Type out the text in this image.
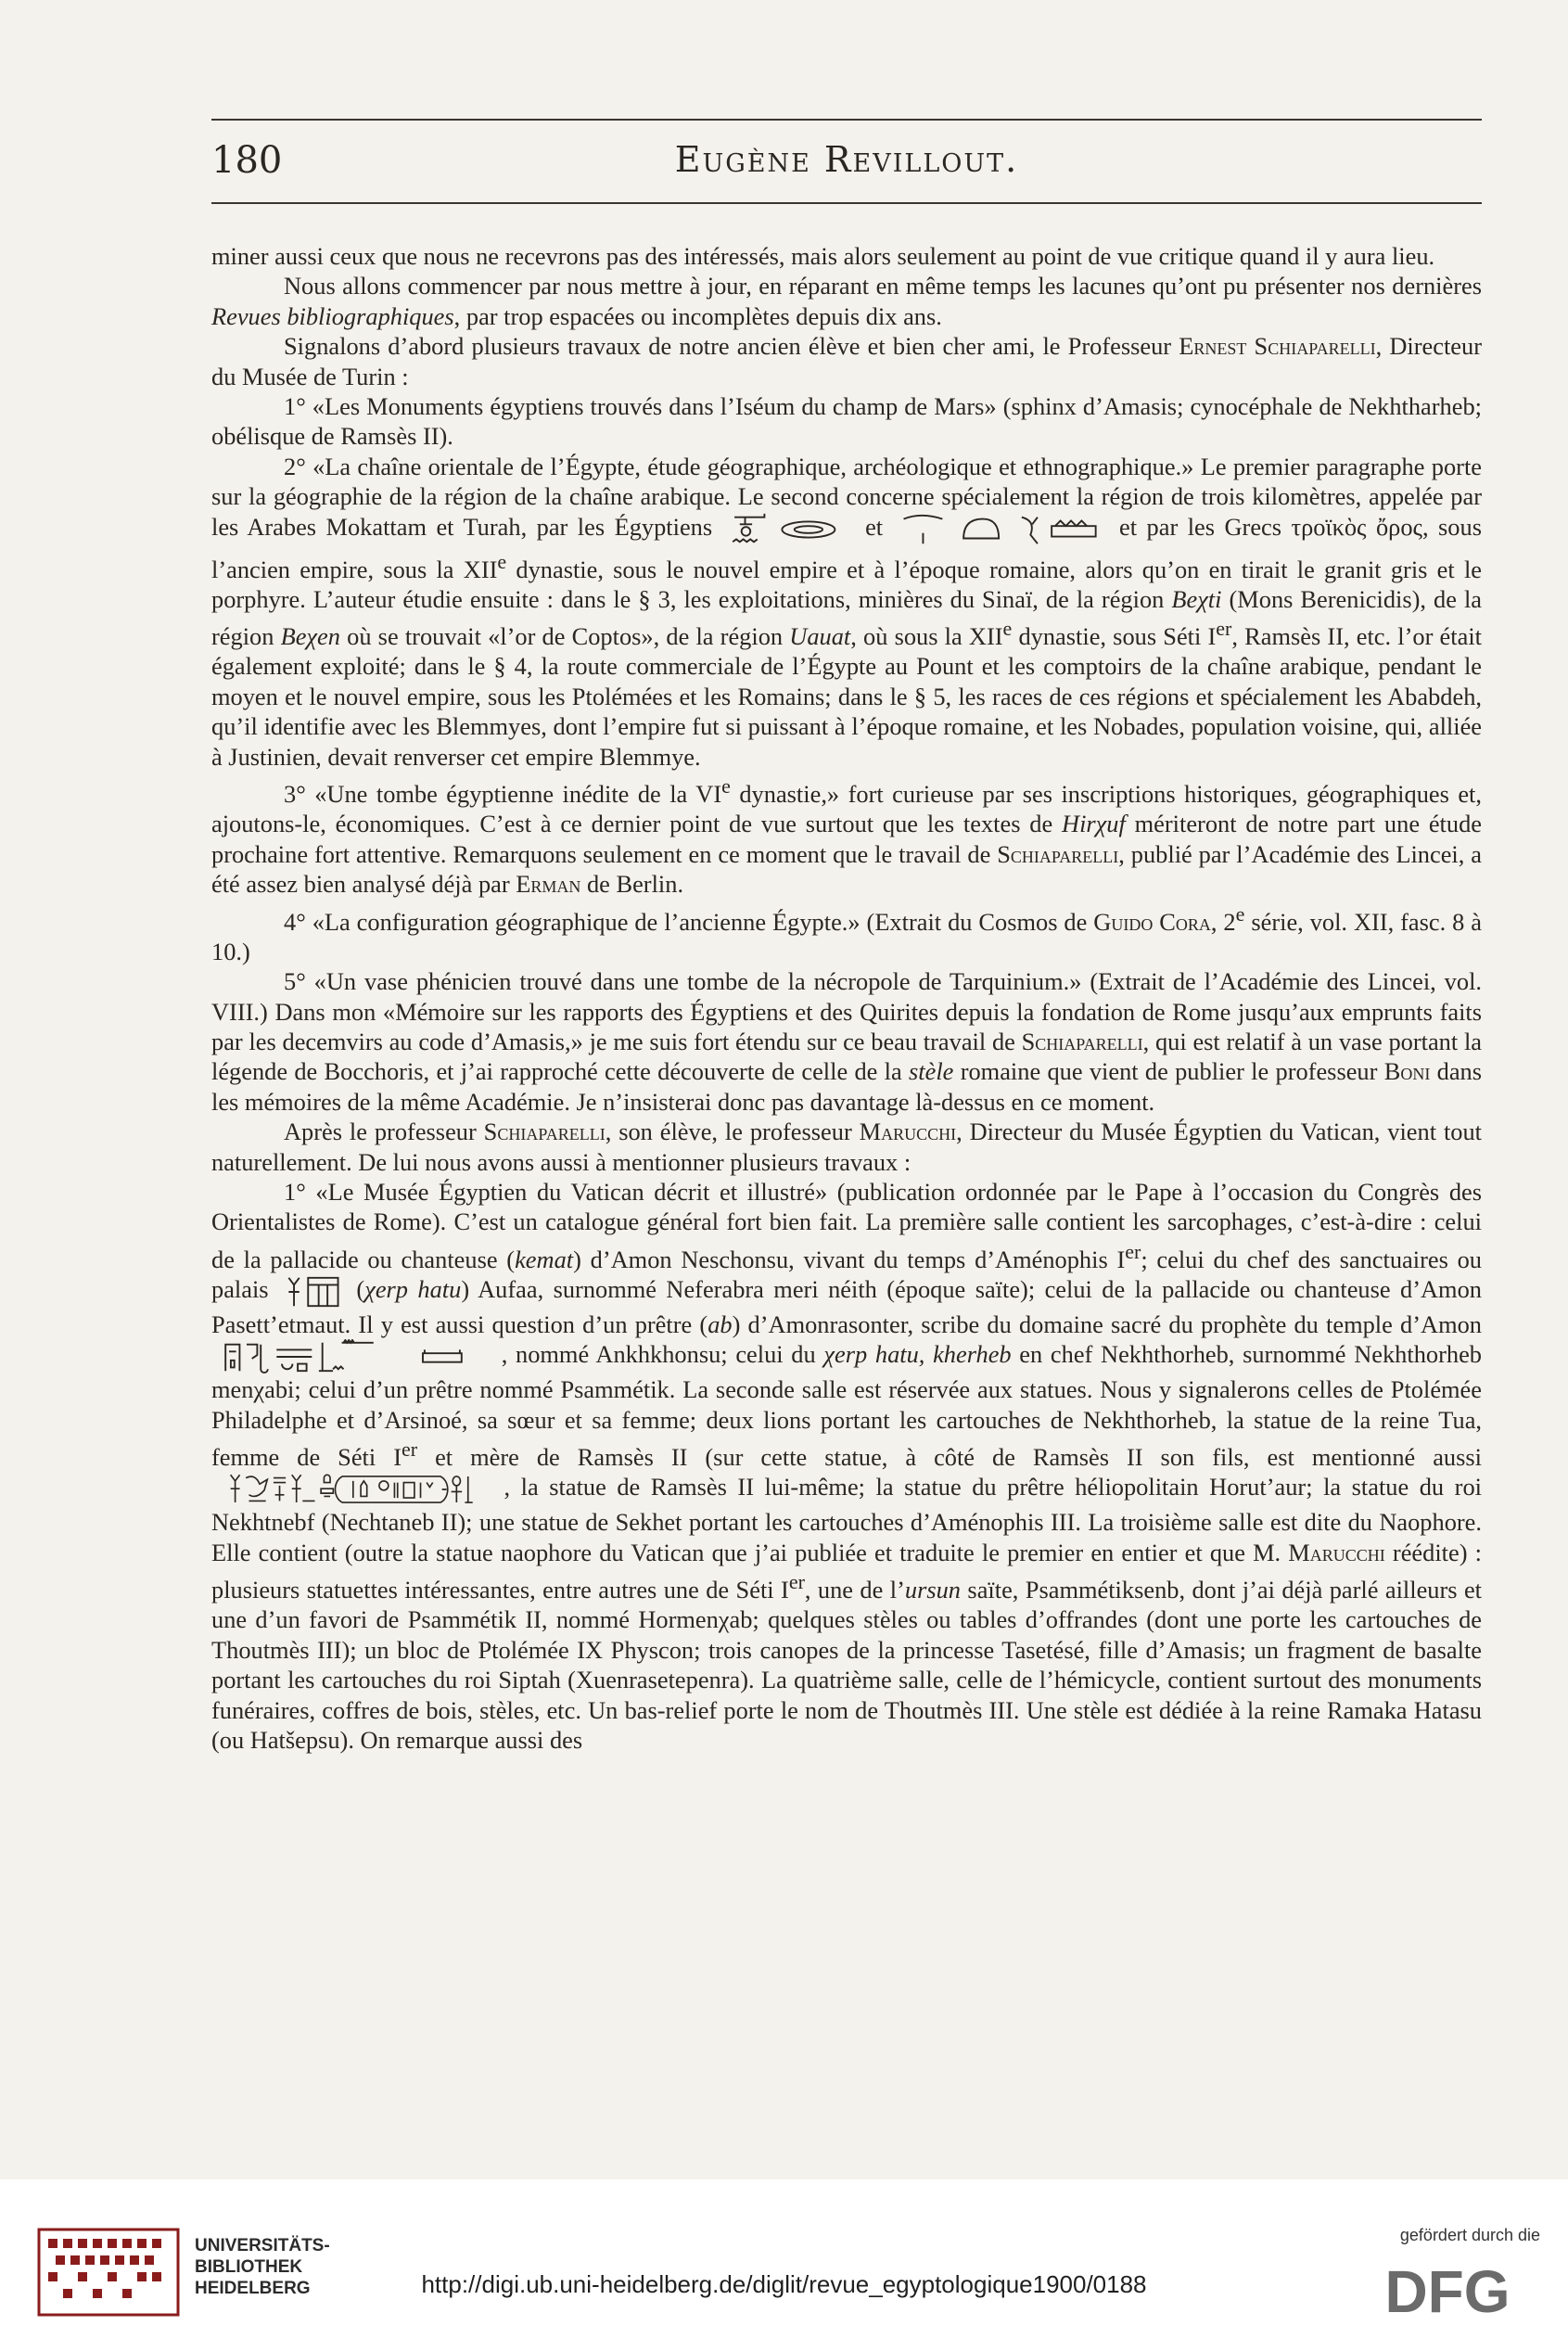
180	Eugène Revillout.

miner aussi ceux que nous ne recevrons pas des intéressés, mais alors seulement au point de vue critique quand il y aura lieu.

Nous allons commencer par nous mettre à jour, en réparant en même temps les lacunes qu’ont pu présenter nos dernières Revues bibliographiques, par trop espacées ou incomplètes depuis dix ans.

Signalons d’abord plusieurs travaux de notre ancien élève et bien cher ami, le Professeur Ernest Schiaparelli, Directeur du Musée de Turin :

1° «Les Monuments égyptiens trouvés dans l’Iséum du champ de Mars» (sphinx d’Amasis; cynocéphale de Nekhtharheb; obélisque de Ramsès II).

2° «La chaîne orientale de l’Égypte, étude géographique, archéologique et ethnographique.» Le premier paragraphe porte sur la géographie de la région de la chaîne arabique. Le second concerne spécialement la région de trois kilomètres, appelée par les Arabes Mokattam et Turah, par les Égyptiens	et	et par les Grecs τροϊκὸς ὄρος, sous l’ancien empire, sous la XIIe dynastie, sous le nouvel empire et à l’époque romaine, alors qu’on en tirait le granit gris et le porphyre. L’auteur étudie ensuite : dans le § 3, les exploitations, minières du Sinaï, de la région Beχti (Mons Berenicidis), de la région Beχen où se trouvait «l’or de Coptos», de la région Uauat, où sous la XIIe dynastie, sous Séti Ier, Ramsès II, etc. l’or était également exploité; dans le § 4, la route commerciale de l’Égypte au Pount et les comptoirs de la chaîne arabique, pendant le moyen et le nouvel empire, sous les Ptolémées et les Romains; dans le § 5, les races de ces régions et spécialement les Ababdeh, qu’il identifie avec les Blemmyes, dont l’empire fut si puissant à l’époque romaine, et les Nobades, population voisine, qui, alliée à Justinien, devait renverser cet empire Blemmye.

3° «Une tombe égyptienne inédite de la VIe dynastie,» fort curieuse par ses inscriptions historiques, géographiques et, ajoutons-le, économiques. C’est à ce dernier point de vue surtout que les textes de Hirχuf mériteront de notre part une étude prochaine fort attentive. Remarquons seulement en ce moment que le travail de Schiaparelli, publié par l’Académie des Lincei, a été assez bien analysé déjà par Erman de Berlin.

4° «La configuration géographique de l’ancienne Égypte.» (Extrait du Cosmos de Guido Cora, 2e série, vol. XII, fasc. 8 à 10.)

5° «Un vase phénicien trouvé dans une tombe de la nécropole de Tarquinium.» (Extrait de l’Académie des Lincei, vol. VIII.) Dans mon «Mémoire sur les rapports des Égyptiens et des Quirites depuis la fondation de Rome jusqu’aux emprunts faits par les decemvirs au code d’Amasis,» je me suis fort étendu sur ce beau travail de Schiaparelli, qui est relatif à un vase portant la légende de Bocchoris, et j’ai rapproché cette découverte de celle de la stèle romaine que vient de publier le professeur Boni dans les mémoires de la même Académie. Je n’insisterai donc pas davantage là-dessus en ce moment.

Après le professeur Schiaparelli, son élève, le professeur Marucchi, Directeur du Musée Égyptien du Vatican, vient tout naturellement. De lui nous avons aussi à mentionner plusieurs travaux :

1° «Le Musée Égyptien du Vatican décrit et illustré» (publication ordonnée par le Pape à l’occasion du Congrès des Orientalistes de Rome). C’est un catalogue général fort bien fait. La première salle contient les sarcophages, c’est-à-dire : celui de la pallacide ou chanteuse (kemat) d’Amon Neschonsu, vivant du temps d’Aménophis Ier; celui du chef des sanctuaires ou palais	(χerp hatu) Aufaa, surnommé Neferabra meri néith (époque saïte); celui de la pallacide ou chanteuse d’Amon Pasett’etmaut. Il y est aussi question d’un prêtre (ab) d’Amonrasonter, scribe du domaine sacré du prophète du temple d’Amon
, nommé Ankhkhonsu; celui du χerp hatu, kherheb en chef Nekhthorheb, surnommé Nekhthorheb menχabi; celui d’un prêtre nommé Psammétik. La seconde salle est réservée aux statues. Nous y signalerons celles de Ptolémée Philadelphe et d’Arsinoé, sa sœur et sa femme; deux lions portant les cartouches de Nekhthorheb, la statue de la reine Tua, femme de Séti Ier et mère de Ramsès II (sur cette statue, à côté de Ramsès II son fils, est mentionné aussi
, la statue de Ramsès II lui-même; la statue du prêtre héliopolitain Horut’aur; la statue du roi Nekhtnebf (Nechtaneb II); une statue de Sekhet portant les cartouches d’Aménophis III. La troisième salle est dite du Naophore. Elle contient (outre la statue naophore du Vatican que j’ai publiée et traduite le premier en entier et que M. Marucchi réédite) : plusieurs statuettes intéressantes, entre autres une de Séti Ier, une de l’ursun saïte, Psammétiksenb, dont j’ai déjà parlé ailleurs et une d’un favori de Psammétik II, nommé Hormenχab; quelques stèles ou tables d’offrandes (dont une porte les cartouches de Thoutmès III); un bloc de Ptolémée IX Physcon; trois canopes de la princesse Tasetésé, fille d’Amasis; un fragment de basalte portant les cartouches du roi Siptah (Xuenrasetepenra). La quatrième salle, celle de l’hémicycle, contient surtout des monuments funéraires, coffres de bois, stèles, etc. Un bas-relief porte le nom de Thoutmès III. Une stèle est dédiée à la reine Ramaka Hatasu (ou Hatšepsu). On remarque aussi des

UNIVERSITÄTS-
BIBLIOTHEK
HEIDELBERG	http://digi.ub.uni-heidelberg.de/diglit/revue_egyptologique1900/0188
gefördert durch die
DFG
